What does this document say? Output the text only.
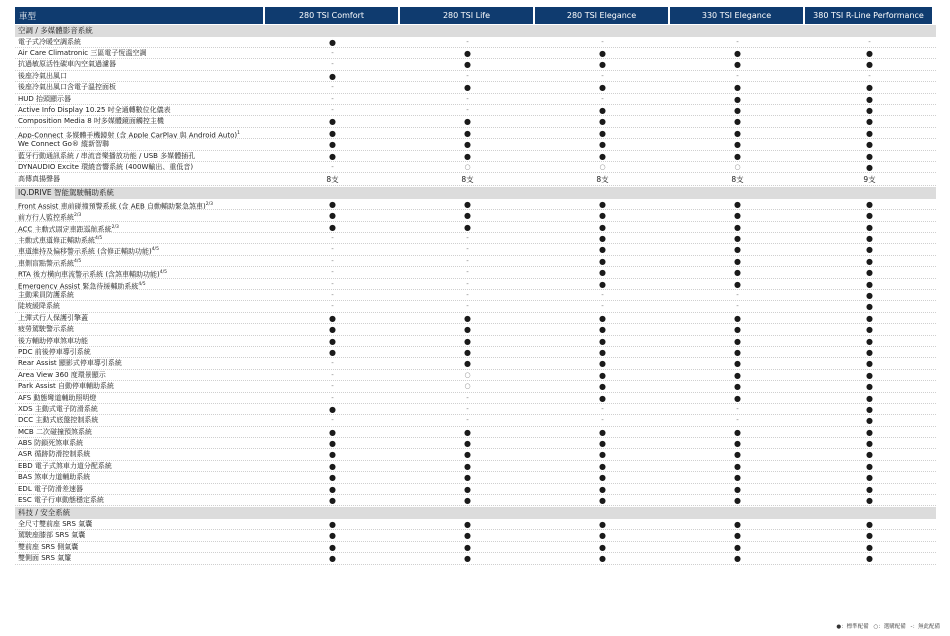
車型	280 TSI Comfort	280 TSI Life	280 TSI Elegance	330 TSI Elegance	380 TSI R-Line Performance
空調 / 多媒體影音系統
電子式冷暖空調系統	●	-	-	-	-
Air Care Climatronic 三區電子恆溫空調	-	●	●	●	●
抗過敏原活性碳車內空氣過濾器	-	●	●	●	●
後座冷氣出風口	●	-	-	-	-
後座冷氣出風口含電子溫控面板	-	●	●	●	●
HUD 抬頭顯示器	-	-	-	●	●
Active Info Display 10.25 吋全通轉數位化儀表	-	-	●	●	●
Composition Media 8 吋多媒體鏡面觸控主機	●	●	●	●	●
App-Connect 多媒體手機鏡射 (含 Apple CarPlay 與 Android Auto)$^1$	●	●	●	●	●
We Connect Go® 縱新智聯	●	●	●	●	●
藍牙行動通訊系統 / 串流音樂播放功能 / USB 多媒體插孔	●	●	●	●	●
DYNAUDIO Excite 環繞音響系統 (400W輸出、重低音)	-	○	○	○	●
高傳真揚聲器	8支	8支	8支	8支	9支
IQ.DRIVE 智能駕駛輔助系統
Front Assist 車前碰撞預警系統 (含 AEB 自動輔助緊急煞車)$^{2/3}$	●	●	●	●	●
前方行人監控系統$^{2/3}$	●	●	●	●	●
ACC 主動式固定車距巡航系統$^{2/3}$	●	●	●	●	●
主動式車道修正輔助系統$^{4/5}$	-	-	●	●	●
車道維持及偏移警示系統 (含修正輔助功能)$^{4/5}$	-	-	●	●	●
車側盲點警示系統$^{4/5}$	-	-	●	●	●
RTA 後方橫向車流警示系統 (含煞車輔助功能)$^{4/5}$	-	-	●	●	●
Emergency Assist 緊急待援輔助系統$^{4/5}$	-	-	●	●	●
主動乘員防護系統	-	-	-	-	●
陡坡緩降系統	-	-	-	-	●
上彈式行人保護引擎蓋	●	●	●	●	●
疲勞駕駛警示系統	●	●	●	●	●
後方輔助停車煞車功能	●	●	●	●	●
PDC 前後停車導引系統	●	●	●	●	●
Rear Assist 顯影式停車導引系統	-	●	●	●	●
Area View 360 度環景顯示	-	○	●	●	●
Park Assist 自動停車輔助系統	-	○	●	●	●
AFS 動態彎道輔助照明燈	-	-	●	●	●
XDS 主動式電子防滑系統	●	-	-	-	●
DCC 主動式底盤控制系統	-	-	-	-	●
MCB 二次碰撞預煞系統	●	●	●	●	●
ABS 防鎖死煞車系統	●	●	●	●	●
ASR 循跡防滑控制系統	●	●	●	●	●
EBD 電子式煞車力道分配系統	●	●	●	●	●
BAS 煞車力道輔助系統	●	●	●	●	●
EDL 電子防滑差速器	●	●	●	●	●
ESC 電子行車動態穩定系統	●	●	●	●	●
科技 / 安全系統
全尺寸雙前座 SRS 氣囊	●	●	●	●	●
駕駛座膝部 SRS 氣囊	●	●	●	●	●
雙前座 SRS 側氣囊	●	●	●	●	●
雙側面 SRS 氣簾	●	●	●	●	●
●：標準配備 ○：選購配備 -：無此配備
